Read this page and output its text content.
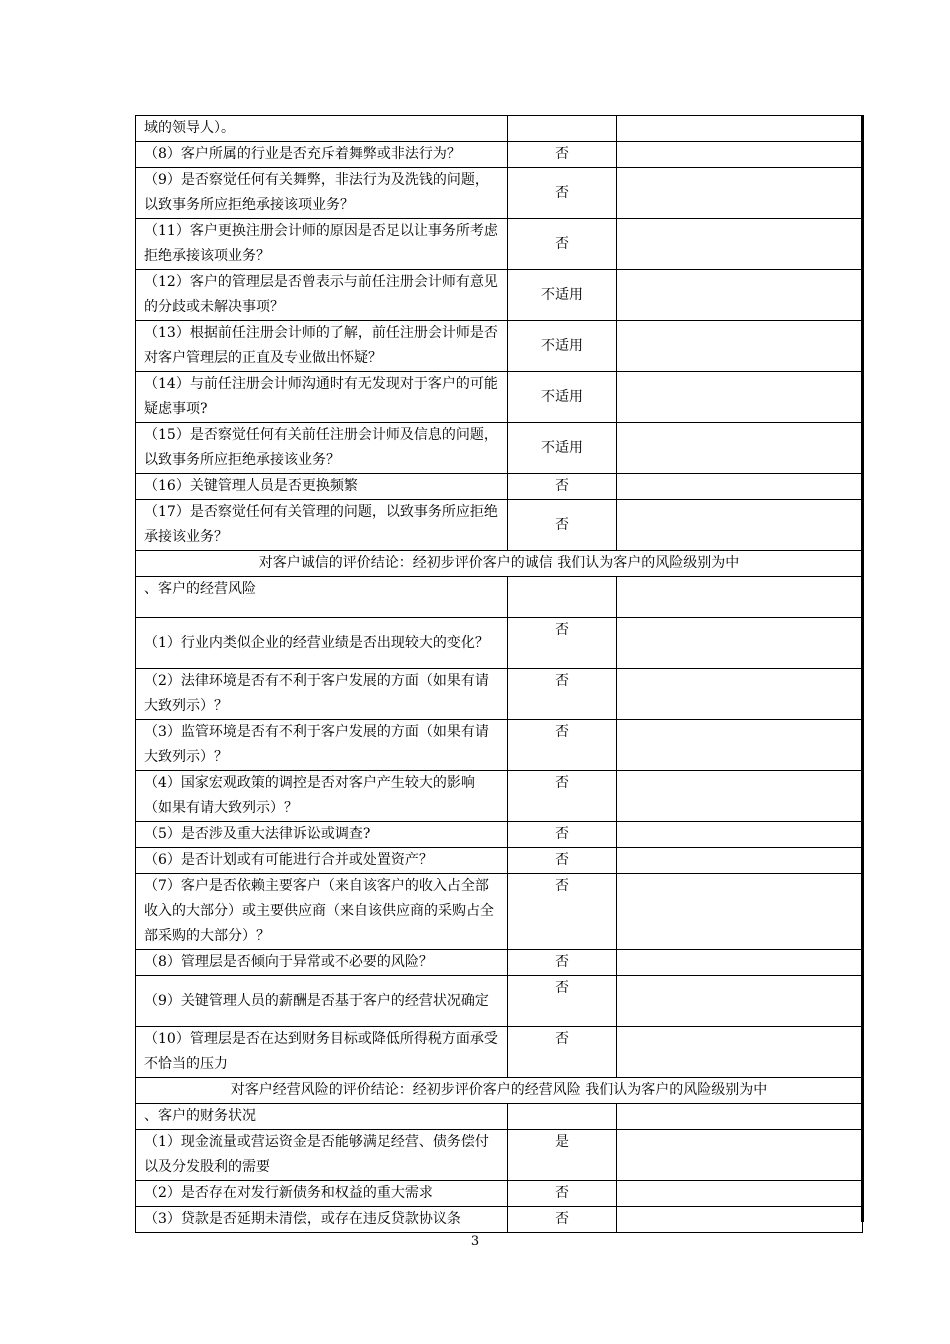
域的领导人）。		
（8）客户所属的行业是否充斥着舞弊或非法行为？	否	
（9）是否察觉任何有关舞弊，非法行为及洗钱的问题，以致事务所应拒绝承接该项业务？	否	
（11）客户更换注册会计师的原因是否足以让事务所考虑拒绝承接该项业务？	否	
（12）客户的管理层是否曾表示与前任注册会计师有意见的分歧或未解决事项？	不适用	
（13）根据前任注册会计师的了解，前任注册会计师是否对客户管理层的正直及专业做出怀疑？	不适用	
（14）与前任注册会计师沟通时有无发现对于客户的可能疑虑事项?	不适用	
（15）是否察觉任何有关前任注册会计师及信息的问题，以致事务所应拒绝承接该业务？	不适用	
（16）关键管理人员是否更换频繁	否	
（17）是否察觉任何有关管理的问题，以致事务所应拒绝承接该业务？	否	
对客户诚信的评价结论：经初步评价客户的诚信 我们认为客户的风险级别为中		
、客户的经营风险		
（1）行业内类似企业的经营业绩是否出现较大的变化？	否	
（2）法律环境是否有不利于客户发展的方面（如果有请大致列示）？	否	
（3）监管环境是否有不利于客户发展的方面（如果有请大致列示）？	否	
（4）国家宏观政策的调控是否对客户产生较大的影响（如果有请大致列示）？	否	
（5）是否涉及重大法律诉讼或调查?	否	
（6）是否计划或有可能进行合并或处置资产？	否	
（7）客户是否依赖主要客户（来自该客户的收入占全部收入的大部分）或主要供应商（来自该供应商的采购占全部采购的大部分）？	否	
（8）管理层是否倾向于异常或不必要的风险？	否	
（9）关键管理人员的薪酬是否基于客户的经营状况确定	否	
（10）管理层是否在达到财务目标或降低所得税方面承受不恰当的压力	否	
对客户经营风险的评价结论：经初步评价客户的经营风险 我们认为客户的风险级别为中		
、客户的财务状况		
（1）现金流量或营运资金是否能够满足经营、债务偿付以及分发股利的需要	是	
（2）是否存在对发行新债务和权益的重大需求	否	
（3）贷款是否延期未清偿，或存在违反贷款协议条	否	
3
